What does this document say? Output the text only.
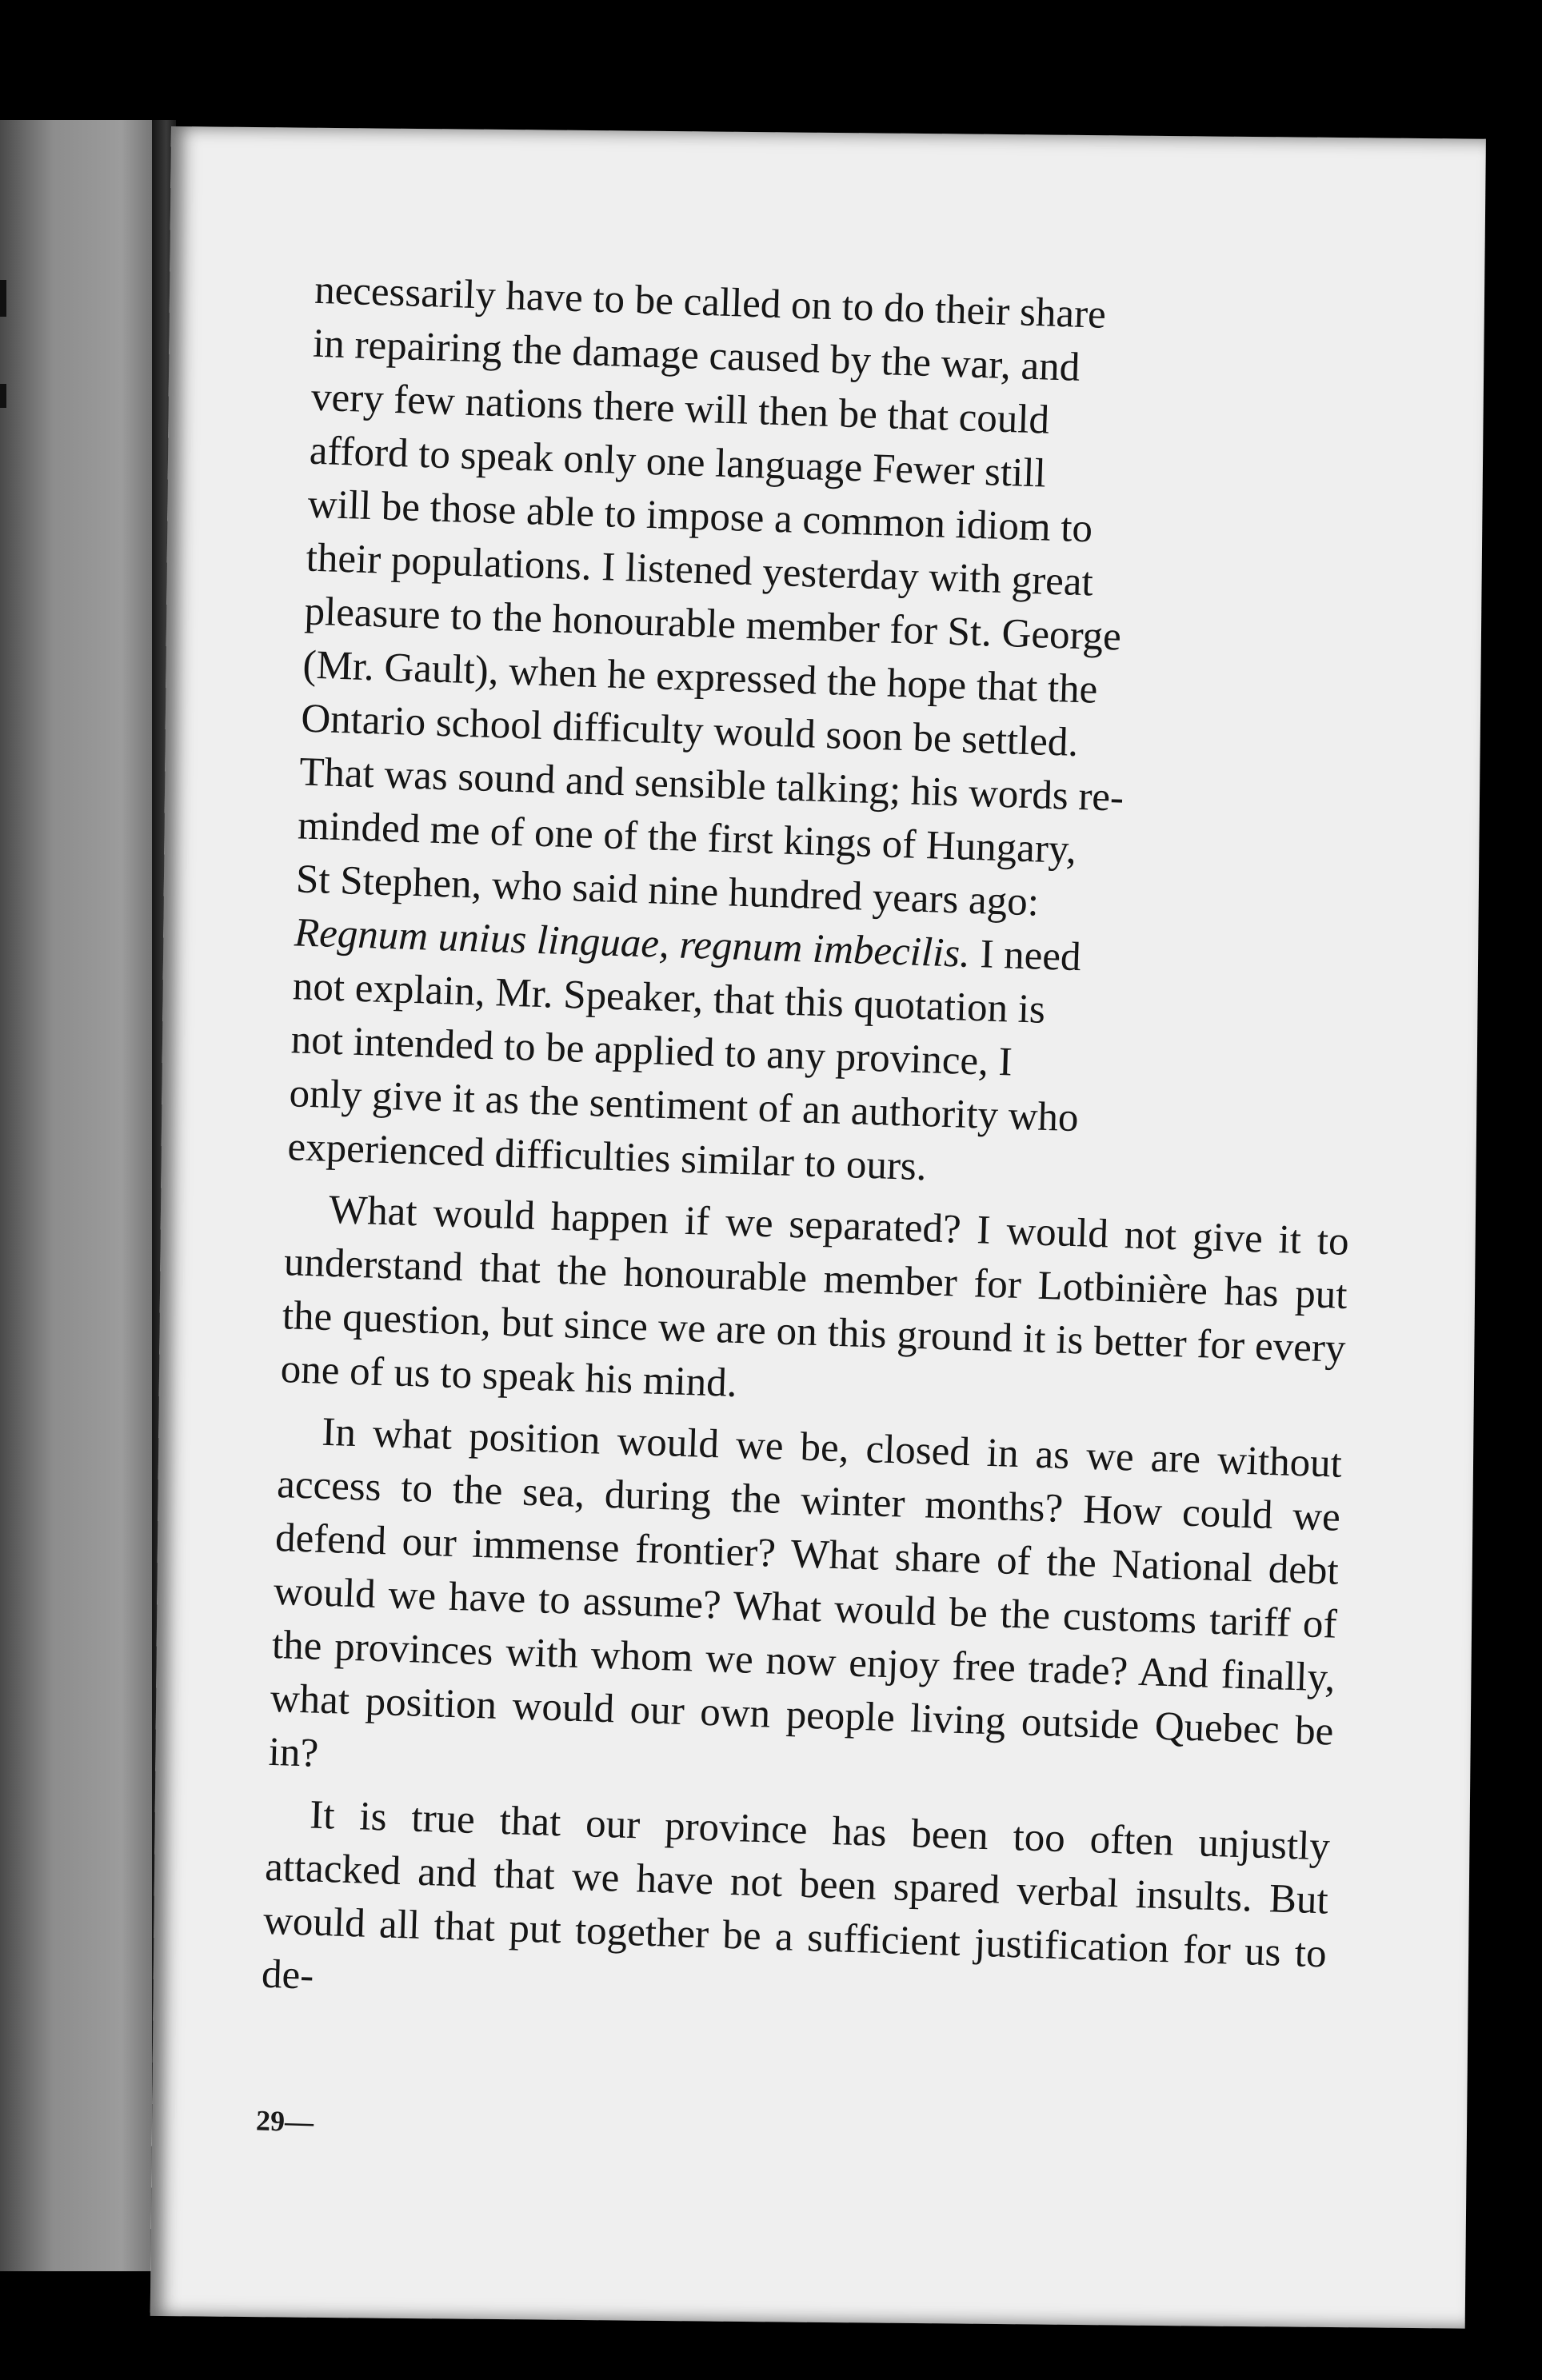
necessarily have to be called on to do their share
in repairing the damage caused by the war, and
very few nations there will then be that could
afford to speak only one language Fewer still
will be those able to impose a common idiom to
their populations. I listened yesterday with great
pleasure to the honourable member for St. George
(Mr. Gault), when he expressed the hope that the
Ontario school difficulty would soon be settled.
That was sound and sensible talking; his words re-
minded me of one of the first kings of Hungary,
St Stephen, who said nine hundred years ago:
Regnum unius linguae, regnum imbecilis. I need
not explain, Mr. Speaker, that this quotation is
not intended to be applied to any province, I
only give it as the sentiment of an authority who
experienced difficulties similar to ours.

What would happen if we separated? I would not give it to understand that the honourable member for Lotbinière has put the question, but since we are on this ground it is better for every one of us to speak his mind.

In what position would we be, closed in as we are without access to the sea, during the winter months? How could we defend our immense frontier? What share of the National debt would we have to assume? What would be the customs tariff of the provinces with whom we now enjoy free trade? And finally, what position would our own people living outside Quebec be in?

It is true that our province has been too often unjustly attacked and that we have not been spared verbal insults. But would all that put together be a sufficient justification for us to de-

29—
